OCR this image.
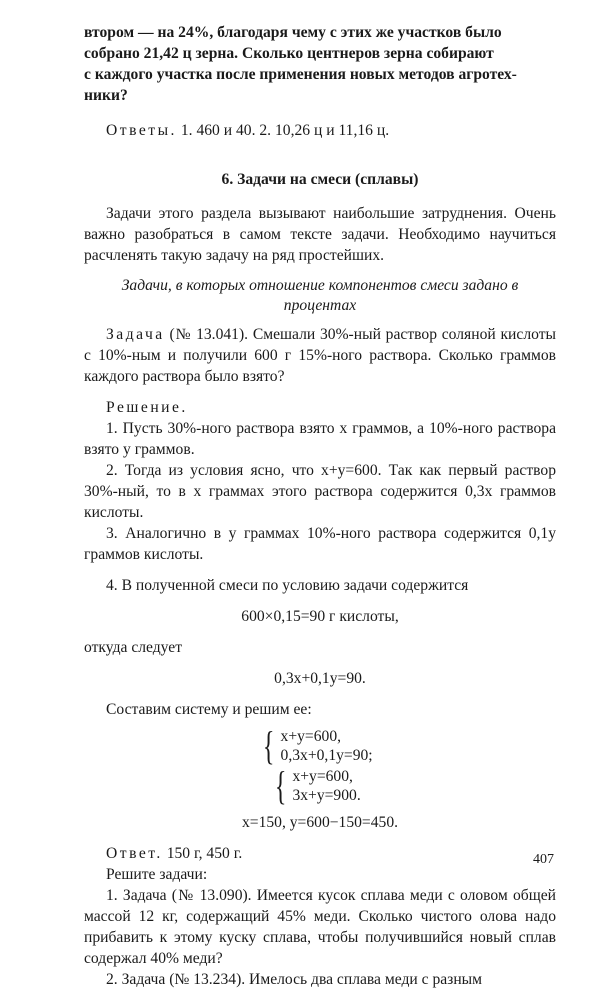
втором — на 24%, благодаря чему с этих же участков было

собрано 21,42 ц зерна. Сколько центнеров зерна собирают

с каждого участка после применения новых методов агротех-

ники?

Ответы. 1. 460 и 40. 2. 10,26 ц и 11,16 ц.

6. Задачи на смеси (сплавы)

Задачи этого раздела вызывают наибольшие затруднения. Очень важно разобраться в самом тексте задачи. Необходимо научиться расчленять такую задачу на ряд простейших.

Задачи, в которых отношение компонентов смеси задано в процентах

Задача (№ 13.041). Смешали 30%-ный раствор соляной кислоты с 10%-ным и получили 600 г 15%-ного раствора. Сколько граммов каждого раствора было взято?

Решение.

1. Пусть 30%-ного раствора взято x граммов, а 10%-ного раствора взято y граммов.

2. Тогда из условия ясно, что x+y=600. Так как первый раствор 30%-ный, то в x граммах этого раствора содержится 0,3x граммов кислоты.

3. Аналогично в y граммах 10%-ного раствора содержится 0,1y граммов кислоты.

4. В полученной смеси по условию задачи содержится

600×0,15=90 г кислоты,

откуда следует

0,3x+0,1y=90.

Составим систему и решим ее:

{ x+y=600,
0,3x+0,1y=90;
{ x+y=600,
3x+y=900.

x=150, y=600−150=450.

Ответ. 150 г, 450 г.

Решите задачи:

1. Задача (№ 13.090). Имеется кусок сплава меди с оловом общей массой 12 кг, содержащий 45% меди. Сколько чистого олова надо прибавить к этому куску сплава, чтобы получившийся новый сплав содержал 40% меди?

2. Задача (№ 13.234). Имелось два сплава меди с разным

407
